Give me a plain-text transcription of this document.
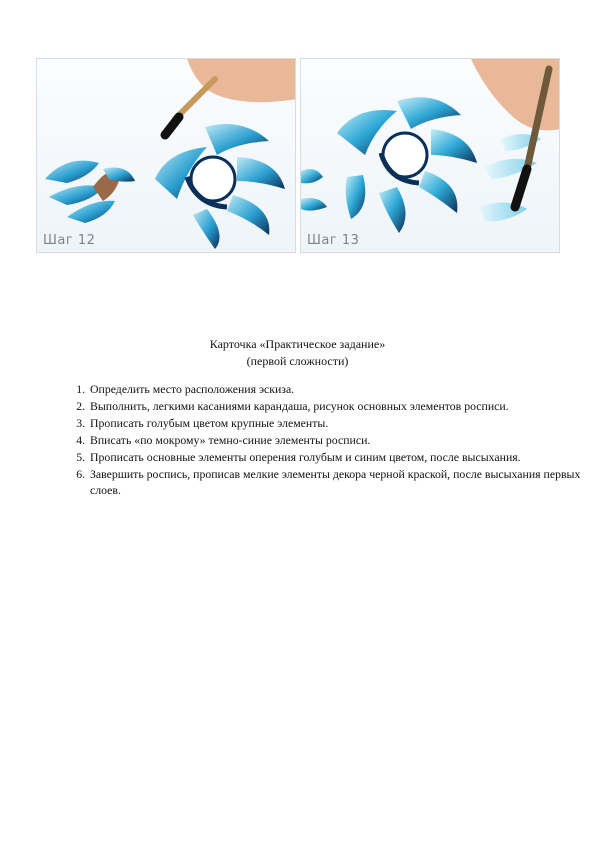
Шаг 12	Шаг 13
Карточка «Практическое задание»
(первой сложности)
1. Определить место расположения эскиза.
2. Выполнить, легкими касаниями карандаша, рисунок основных элементов росписи.
3. Прописать голубым цветом крупные элементы.
4. Вписать «по мокрому» темно-синие элементы росписи.
5. Прописать основные элементы оперения голубым и синим цветом, после высыхания.
6. Завершить роспись, прописав мелкие элементы декора черной краской, после высыхания первых слоев.
